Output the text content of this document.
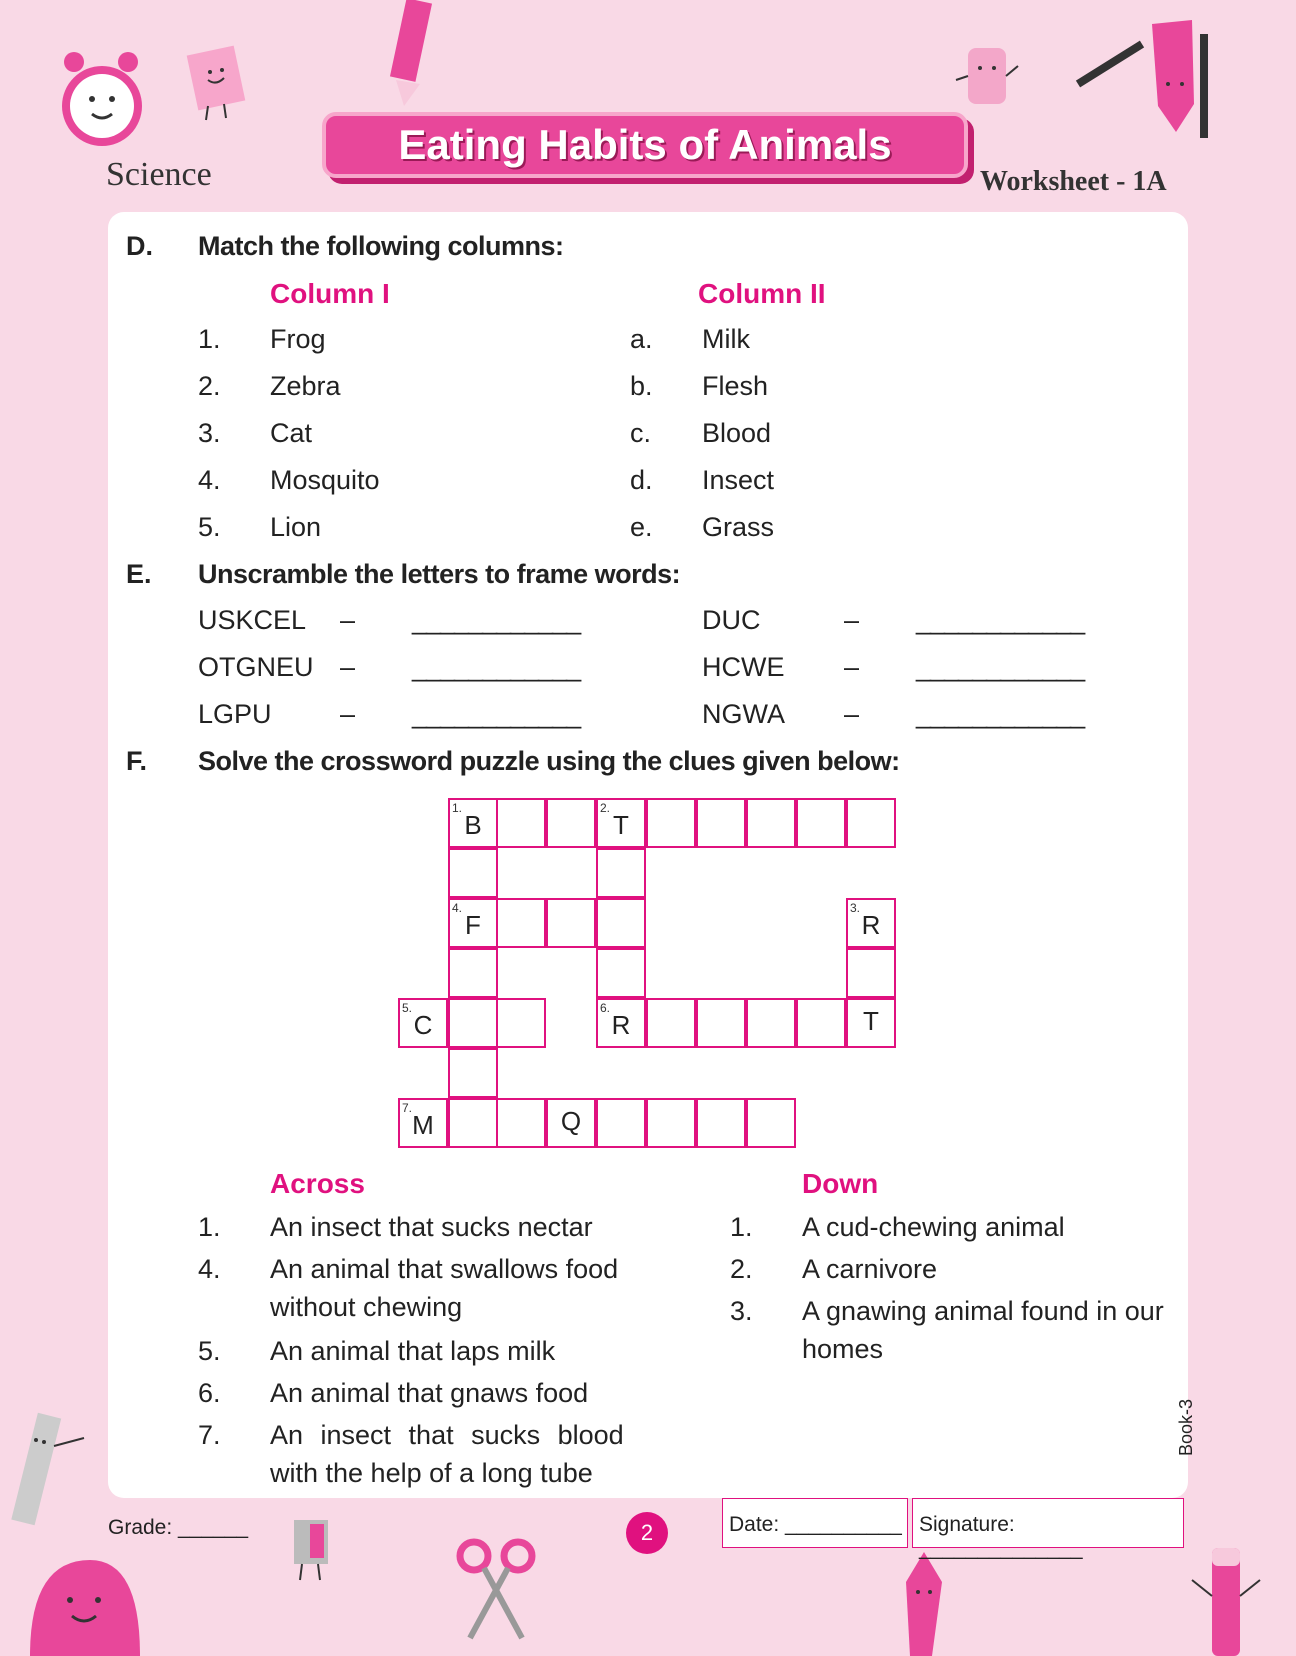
Science
Eating Habits of Animals
Worksheet - 1A
D. Match the following columns:
Column I	Column II
1. Frog	a. Milk
2. Zebra	b. Flesh
3. Cat	c. Blood
4. Mosquito	d. Insect
5. Lion	e. Grass
E. Unscramble the letters to frame words:
USKCEL – ____________	DUC	– ____________
OTGNEU – ____________	HCWE – ____________
LGPU	– ____________	NGWA – ____________
F. Solve the crossword puzzle using the clues given below:
1.
B
2.
T
4.
F
3.
R
5.
C
6.
R	T
7.
M	Q
Across	Down
1. An insect that sucks nectar
4. An animal that swallows food
without chewing
5. An animal that laps milk
6. An animal that gnaws food
7. An insect that sucks blood
with the help of a long tube
1. A cud-chewing animal
2. A carnivore
3. A gnawing animal found in our
homes
Grade: ______	2	Date: __________ Signature: ______________
Book-3
